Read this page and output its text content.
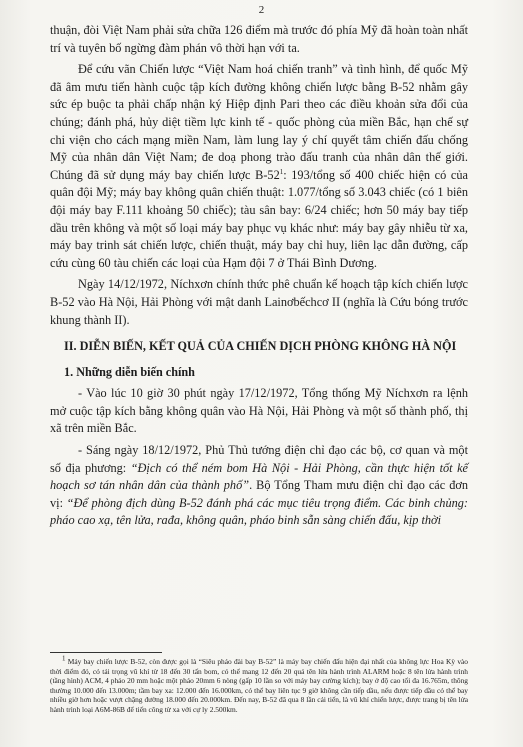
2

thuận, đòi Việt Nam phải sửa chữa 126 điểm mà trước đó phía Mỹ đã hoàn toàn nhất trí và tuyên bố ngừng đàm phán vô thời hạn với ta.

Để cứu vãn Chiến lược “Việt Nam hoá chiến tranh” và tình hình, để quốc Mỹ đã âm mưu tiến hành cuộc tập kích đường không chiến lược bằng B-52 nhằm gây sức ép buộc ta phải chấp nhận ký Hiệp định Pari theo các điều khoản sửa đổi của chúng; đánh phá, hủy diệt tiềm lực kinh tế - quốc phòng của miền Bắc, hạn chế sự chi viện cho cách mạng miền Nam, làm lung lay ý chí quyết tâm chiến đấu chống Mỹ của nhân dân Việt Nam; đe doạ phong trào đấu tranh của nhân dân thế giới. Chúng đã sử dụng máy bay chiến lược $B-52^1$: 193/tổng số 400 chiếc hiện có của quân đội Mỹ; máy bay không quân chiến thuật: 1.077/tổng số 3.043 chiếc (có 1 biên đội máy bay F.111 khoảng 50 chiếc); tàu sân bay: 6/24 chiếc; hơn 50 máy bay tiếp dầu trên không và một số loại máy bay phục vụ khác như: máy bay gây nhiễu từ xa, máy bay trinh sát chiến lược, chiến thuật, máy bay chỉ huy, liên lạc dẫn đường, cấp cứu cùng 60 tàu chiến các loại của Hạm đội 7 ở Thái Bình Dương.

Ngày 14/12/1972, Níchxơn chính thức phê chuẩn kế hoạch tập kích chiến lược B-52 vào Hà Nội, Hải Phòng với mật danh Lainơbếchcơ II (nghĩa là Cứu bóng trước khung thành II).

II. DIỄN BIẾN, KẾT QUẢ CỦA CHIẾN DỊCH PHÒNG KHÔNG HÀ NỘI
1. Những diễn biến chính

- Vào lúc 10 giờ 30 phút ngày 17/12/1972, Tổng thống Mỹ Níchxơn ra lệnh mở cuộc tập kích bằng không quân vào Hà Nội, Hải Phòng và một số thành phố, thị xã trên miền Bắc.

- Sáng ngày 18/12/1972, Phủ Thủ tướng điện chỉ đạo các bộ, cơ quan và một số địa phương: “Địch có thể ném bom Hà Nội - Hải Phòng, cần thực hiện tốt kế hoạch sơ tán nhân dân của thành phố”. Bộ Tổng Tham mưu điện chỉ đạo các đơn vị: “Để phòng địch dùng B-52 đánh phá các mục tiêu trọng điểm. Các binh chủng: pháo cao xạ, tên lửa, rađa, không quân, pháo binh sẵn sàng chiến đấu, kịp thời

$^1$ Máy bay chiến lược B-52, còn được gọi là “Siêu pháo đài bay B-52” là máy bay chiến đấu hiện đại nhất của không lực Hoa Kỳ vào thời điểm đó, có tải trọng vũ khí từ 18 đến 30 tấn bom, có thể mang 12 đến 20 quả tên lửa hành trình ALARM hoặc 8 tên lửa hành trình (tầng hình) ACM, 4 pháo 20 mm hoặc một pháo 20mm 6 nòng (gấp 10 lần so với máy bay cường kích); bay ở độ cao tối đa 16.765m, thông thường 10.000 đến 13.000m; tầm bay xa: 12.000 đến 16.000km, có thể bay liên tục 9 giờ không cần tiếp dầu, nếu được tiếp dầu có thể bay nhiều giờ hơn hoặc vượt chặng đường 18.000 đến 20.000km. Đến nay, B-52 đã qua 8 lần cải tiến, là vũ khí chiến lược, được trang bị tên lửa hành trình loại A6M-86B để tiến công từ xa với cự ly 2.500km.
